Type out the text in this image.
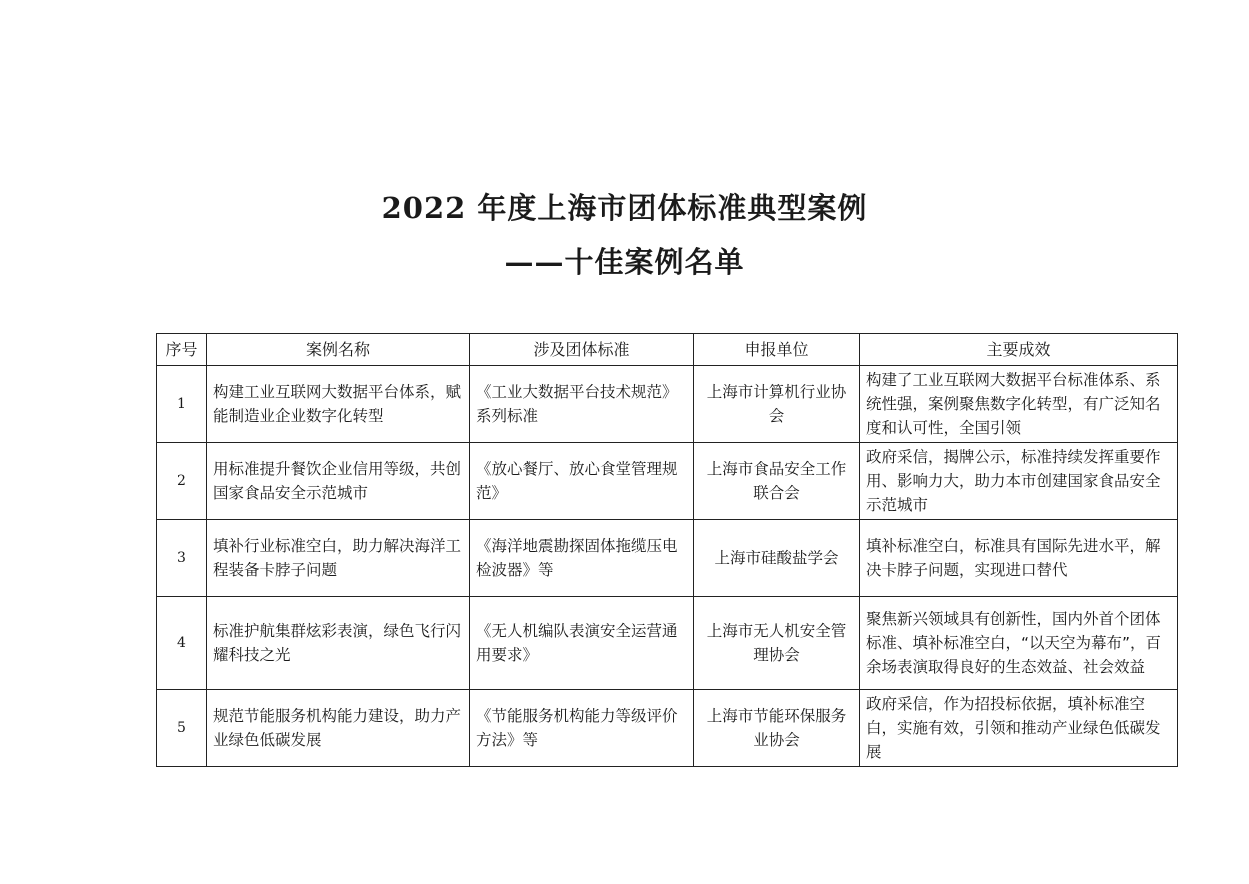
2022 年度上海市团体标准典型案例
——十佳案例名单
序号	案例名称	涉及团体标准	申报单位	主要成效
1	构建工业互联网大数据平台体系，赋能制造业企业数字化转型	《工业大数据平台技术规范》系列标准	上海市计算机行业协会	构建了工业互联网大数据平台标准体系、系统性强，案例聚焦数字化转型，有广泛知名度和认可性，全国引领
2	用标准提升餐饮企业信用等级，共创国家食品安全示范城市	《放心餐厅、放心食堂管理规范》	上海市食品安全工作联合会	政府采信，揭牌公示，标准持续发挥重要作用、影响力大，助力本市创建国家食品安全示范城市
3	填补行业标准空白，助力解决海洋工程装备卡脖子问题	《海洋地震勘探固体拖缆压电检波器》等	上海市硅酸盐学会	填补标准空白，标准具有国际先进水平，解决卡脖子问题，实现进口替代
4	标准护航集群炫彩表演，绿色飞行闪耀科技之光	《无人机编队表演安全运营通用要求》	上海市无人机安全管理协会	聚焦新兴领域具有创新性，国内外首个团体标准、填补标准空白，“以天空为幕布”，百余场表演取得良好的生态效益、社会效益
5	规范节能服务机构能力建设，助力产业绿色低碳发展	《节能服务机构能力等级评价方法》等	上海市节能环保服务业协会	政府采信，作为招投标依据，填补标准空白，实施有效，引领和推动产业绿色低碳发展
